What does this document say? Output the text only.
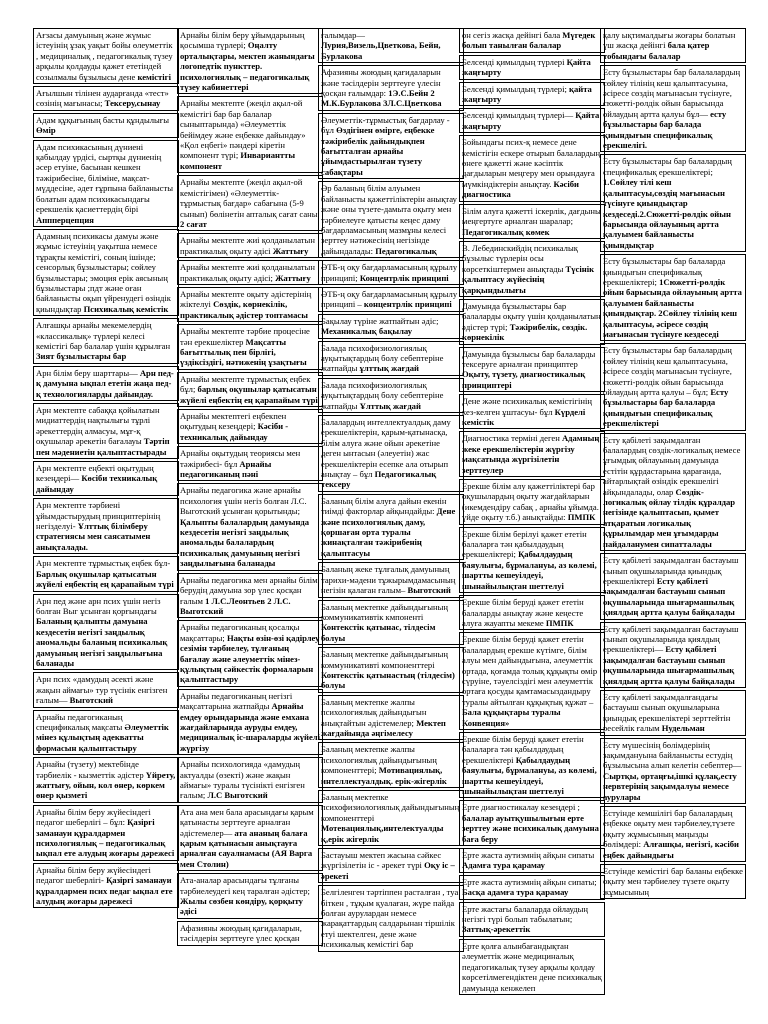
Ағзасы дамуының және жүмыс істеуінің ұзақ уақыт бойы өлеуметтік , медициналық , педагогикалық түзеу арқылы қолдауды қажет ететіндей созылмалы бұзылысы дене кемістігі
Ағылшын тілінен аударғанда «тест» сөзінің мағынасы; Тексеру,сынау
Адам құқығының басты құндылығы Өмір
Адам психикасының дүниені қабылдау үрдісі, сыртқы дүниенің әсер етуіне, басынан кешкен тәжірибесіне, біліміне, мақсат-мүддесіне, әдет ғұрпына байланысты болатын адам психикасындағы ерекшелік қасиеттердің бірі Аппперцепция
Адамның психикасы дамуы және жұмыс істеуінің уақытша немесе тұрақты кемістігі, соның ішінде; сенсорлық бұзылыстары; сөйлеу бұзылыстары; эмоция ерік аясының бұзылыстары ;пдт және оған байланысты оқып үйренудегі өзіндік қиындықтар Психикалық кемістік
Алғашқы арнайы мекемелердің «классикалық» түрлері келесі кемістігі бар балалар үшін құрылған Зият бұзылыстары бар
Арн білім беру шарттары— Арн пед-қ дамуына ықпал ететін жаңа пед-қ технологияларды дайындау.
Арн мектепте сабаққа қойылатын мидиаттердің нақтылығы тұрлі әрекеттердің алмасуы, мұғ-қ оқушылар әрекетін бағалауы Тәртіп пен мәдениетін қалыптастырады
Арн мектепте еңбекті оқытудың кезеңдері— Көсіби техникалық дайындау
Арн мектепте тәрбиені ұйымдастырудың принциптерінің негізделуі- Ұлттық білімберу стратегиясы мен саясатымен анықталады.
Арн мектепте тұрмыстық еңбек бұл- Барлық оқушылар қатысатын жүйелі еңбектің ең қарапайым түрі
Арн пед және арн псих үшін негіз болған Выг ұсынған қорғындағы Баланың қалыпты дамуына кездесетін негізгі заңдылық аномальды баланың психикалық дамуының негізгі заңдылығына баланады
Арн псих «дамудың әсекті және жақын аймағы» тур түсінік енгізген ғалым— Выготский
Арнайы педагогиканың спецификалық мақсаты Әлеуметтік мінез құлықтың адекватты формасын қалыптастыру
Арнайы (түзету) мектебінде тәрбиелік - кызметтік әдістер Үйрету, жаттығу, ойын, кол өнер, көркем өнер қызметі
Арнайы білім беру жүйесіндегі педагог шеберлігі – бұл: Қазіргі заманауи құралдармен психологиялық – педагогикалық ықпал ете алудың жоғары дәрежесі
Арнайы білім беру жүйесіндегі педагог шеберлігі- Қазіргі заманауи құралдармен псих педаг ықпал ете алудың жоғары дәрежесі
Арнайы білім беру ұйымдарының қосымша түрлері; Оңалту орталықтары, мектеп жанындағы логопедтік пункттер. психологиялық – педагогикалық түзеу кабинеттері
Арнайы мектепте (жеңіл ақыл-ой кемістігі бар бар балалар сыныптарында) «Әлеуметтік бейімдеу және еңбекке дайындау» «Қол еңбегі» пәндері кіретін компонент түрі; Инвариантты компонент
Арнайы мектепте (жеңіл ақыл-ой кемістігімен) «Әлеуметтік-тұрмыстық бағдар» сабағына (5-9 сынып) бөлінетін апталық сағат саны 2 сағат
Арнайы мектепте жиі қолданылатын практикалық оқыту әдісі Жаттығу
Арнайы мектепте жиі қолданылатын практикалық оқыту әдісі; Жаттығу
Арнайы мектепте оқыту әдістерінің жіктелуі Сөздік, көрнекілік, практикалық әдістер топтамасы
Арнайы мектепте тәрбие процесіне тән ерекшеліктер Мақсатты бағыттылық пен бірлігі, үздіксіздігі, нәтиженің ұзақтығы
Арнайы мектепте тұрмыстық еңбек бұл; барлық оқушылар қатысатын жүйелі еңбектің ең қарапайым түрі
Арнайы мектептегі еңбекпен оқытудың кезеңдері; Кәсіби - техникалық дайындау
Арнайы оқытудың теориясы мен тәжірибесі- бұл Арнайы педагогиканың пәні
Арнайы педагогика және арнайы психология үшін негіз болған Л.С. Выготский ұсынған қорытынды; Қалыпты балалардың дамуында кездесетін негізгі заңдылық аномальды балалардың психикалық дамуының негізгі заңдылығына баланады
Арнайы педагогика мен арнайы білім берудің дамуына зор үлес қосқан ғалым 1 Л.С.Леонтьев 2 Л.С. Выготский
Арнайы педагогиканың қосалқы мақсаттары; Нақты өзін-өзі қадірлеу сезімін тәрбиелеу, тұлғаның бағалау және әлеуметтік мінез-құлықтың сәйкестік формаларын қалыптастыру
Арнайы педагогиканың негізгі мақсаттарына жатпайды Арнайы емдеу орындарында және емхана жағдайларында ауруды емдеу, медициналық іс-шараларды жүйелі жүргізу
Арнайы психологияда «дамудың актуалды (өзекті) және жақын аймағы» туралы түсінікті енгізген ғалым; Л.С Выготский
Ата ана мен бала арасындағы қарым қатынасты зерттеуге арналған әдістемелер— ата ананың балаға қарым қатынасын анықтауға арналған сауалнамасы (АЯ Варга мен Столин)
Ата-аналар арасындағы тұлғаны тәрбиелеудегі кең таралған әдістер; Жылы сөзбен көндіру, қорқыту әдісі
Афазияны жоюдың қағидаларын, тәсілдерін зерттеуге үлес қосқан
ғалымдар— Лурия,Визель,Цветкова, Бейн, Бурлакова
Афазияны жоюдың қағидаларын және тәсілдерін зерттеуге үлесін қосқан ғалымдар: 1Э.С.Бейн 2 М.К.Бурлакова 3Л.С.Цветкова
Әлеуметтік-тұрмыстық бағдарлау - бұл Өздігінен өмірге, еңбекке тәжірибелік дайындықпен бағытталған арнайы ұйымдастырылған түзету сабақтары
Әр баланың білім алуымен байланысты қажеттіліктерін анықтау және оны түзете-дамыта оқыту мен тәрбиелеуге қатысты кеңес даму бағдарламасының мазмұны келесі зерттеу нәтижесінің негізінде дайындалады: Педагогикалық
ӘТБ-ң оқу бағдарламасының құрылу принципі; Концентрлік принципі
ӘТБ-ң оқу бағдарламасының құрылу принципі – концентрлік принципі
Бақылау түріне жатпайтын әдіс; Механикалық бақылау
Балада психофизиологиялық ауқытықтардың болу себептеріне жатпайды ұлттық жағдай
Балада психофизиологиялық ауқытықтардың болу себептеріне жатпайды Ұлттық жағдай
Балалардың интеллектуалдық даму ерекшеліктерін, қарым-қатынасқа, білім алуға және ойын әрекетіне деген ынтасын (әлеуетін) жас ерекшеліктерін есепке ала отырып анықтау – бұл Педагогикалық тексеру
Баланың білім алуға дайын екенін тиімді факторлар айқындайды: Дене және психологиялық даму, қоршаған орта туралы жинақталған тәжірибенің қалыптасуы
Баланың жеке тұлғалық дамуының тарихи-мәдени тұжырымдамасының негізін қалаған ғалым– Выготский
Баланың мектепке дайындығының коммуникативтік кмпоненті Контекстік қатынас, тілдесім болуы
Баланың мектепке дайындығының коммуникативті компоненттері Контекстік қатынастың (тілдесім) болуы
Баланың мектепке жалпы психологиялық дайындығын анықтайтын әдістемелер; Мектеп жағдайында әңгімелесу
Баланың мектепке жалпы психологиялық дайындығының компоненттері; Мотивациялық, интеллектуалдық. ерік-жігерлік
Баланың мектепке психофизиологиялық дайындығының компоненттері Мотевациялық,интелектуалды қ,ерік жігерлік
Бастауыш мектеп жасына сәйкес жүргізілетін іс - әрекет түрі Оқу іс – әрекеті
Белгіленген тәртіппен расталған , туа біткен , тұқым қуалаған, жүре пайда болған аурулардан немесе жарақаттардың салдарынан тіршілік етуі шектелген, дене және психикалық кемістігі бар
он сегіз жасқа дейінгі бала Мүгедек болып танылған балалар
Белсенді қимылдың түрлері Қайта жаңғырту
Белсенді қимылдың түрлері; қайта жаңғырту
Белсенді қимылдың түрлері— Қайта жаңғырту
Бойындағы псих-қ немесе дене кемістігін ескере отырып балалардың өнеге қажетті және кәсіптік дағдыларын меңгеру мен орындауға мүмкіндіктерін анықтау. Кәсіби диагностика
Білім алуға қажетті іскерлік, дағдыны меңгертуге арналған шаралар; Педагогикалық көмек
В. Лебединскийдің психикалық бұзылыс түрлерін осы көрсеткіштермен анықтады Түсінік қалыптасу жүйесінің қарқындылығы
Дамуында бұзылыстары бар балаларды оқыту үшін қолданылатын әдістер түрі; Тәжірибелік, сөздік. көрнекілік
Дамуында бұзылысы бар балаларды тексеруге арналған принциптер Оқыту, түзету, диагностикалық принциптері
Дене және психикалық кемістігінің кез-келген ұштасуы- бұл Күрделі кемістік
Диагностика терміні деген Адамның жеке ерекшеліктерін жүргізу мақсатында жүргізілетін зерттеулер
Ерекше білім алу қажеттіліктері бар оқушылардың оқыту жағдайларын (икемдендіру сабақ , арнайы ұйымда. үйде оқыту т.б.) анықтайды: ПМПК
Ерекше білім берілуі қажет ететін балаларға тән қабылдаудың ерекшеліктері; Қабылдаудың баяулығы, бұрмалануы, аз көлемі, шартты кешеуілдеуі, шынайылықтан шеттелуі
Ерекше білім берудi қажет ететін балаларды анықтау және кеңесте алуға жауапты мекеме ПМПК
Ерекше білім беруді қажет ететін балалардың ерекше күтімге, білім алуы мен дайындығына, әлеуметтік ортада, қоғамда толық құқықты өмір сүруіне, тәуелсіздігі мен әлеуметтік ортаға қосуды қамтамасыздандыру туралы айтылған құқықтық құжат – Бала құқықтары туралы Конвенция»
Ерекше білім беруді қажет ететін балаларға тән қабылдаудың ерекшеліктері Қабылдаудың баяулығы, бұрмалануы, аз көлемі, шартты кешеуілдеуі, шынайылықтан шеттелуі
Ерте диагностикалау кезеңдері ; балалар ауытқушылығын ерте зерттеу және психикалық дамуына баға беру
Ерте жаста аутизмнің айқын сипаты Адамға тура қарамау
Ерте жаста аутизмнің айқын сипаты; Басқа адамға тура қарамау
Ерте жастағы балаларда ойлаудың негізгі түрі болып табылатын; Заттық-әрекеттік
Ерте қолға алынбағандықтан әлеуметтік және медициналық педагогикалық түзеу арқылы қолдау көрсетілмегендіктен дене психикалық дамуында кенжелеп
қалу ықтималдығы жоғары болатын үш жасқа дейінгі бала қатер тобындағы балалар
Есту бұзылыстары бар балалалардың сөйлеу тілінің кеш қалыптасуына, әсіресе сөздің мағынасын түсінуге, сюжетті-рөлдік ойын барысында ойлаудың артта қалуы бұл— есту бұзылыстары бар балада қиындығын спецификалық ерекшелігі.
Есту бұзылыстары бар балалардың спецификалық ерекшеліктері; 1.Сөйлеу тілі кеш қалыптасуы,сөздің мағынасын түсінуге қиындықтар кездеседі.2.Сюжетті-рөлдік ойын барысында ойлауының артта қалуымен байланысты қиындықтар
Есту бұзылыстары бар балаларда қиындығын спецификалық ерекшеліктері; 1Сюжетті-рөлдік ойын барысында ойлауының артта қалуымен байланысты қиындықтар. 2Сөйлеу тілінің кеш қалыптасуы, әсіресе сөздің мағынасын түсінуге кездеседі
Есту бұзылыстары бар балалардың сөйлеу тілінің кеш қалыптасуына, әсіресе сөздің мағынасын түсінуге, сюжетті-рөлдік ойын барысында ойлаудың артта қалуы – бұл; Есту бұзылыстары бар балаларда қиындығын спецификалық ерекшеліктері
Есту қабілеті зақымдалған балалардың сөздік-логикалық немесе ұғымдық ойлауының дамуында естітін құрдастарына қарағанда, айтарлықтай өзіндік ерекшелігі айқындалады, олар Сөздік-логикалық ойлау тілдік құралдар негізінде қалыптасып, қымет атқаратын логикалық құрылымдар мен ұғымдарды пайдаланумен сипатталады
Есту қабілеті зақымдалған бастауыш сынып оқушыларында қиындық ерекшеліктері Есту қабілеті зақымдалған бастауыш сынып оқушыларында шығармашылық қиялдың артта қалуы байқалады
Есту қабілеті зақымдалған бастауыш сынып оқушыларында қиялдың ерекшеліктері— Есту қабілеті зақымдалған бастауыш сынып оқушыларында шығармашылық қиялдың артта қалуы байқалады
Есту қабілеті зақымдалғандағы бастауыш сынып оқушыларына қиындық ерекшеліктері зерттейтін ресейлік ғалым Нудельман
Есту мүшесінің бөлімдерінің зақымдануына байланысты естудің бұзылысына алып келетін себептер— Сыртқы, ортаңғы,ішкі құлақ,есту нервтерінің зақымдалуы немесе аурулары
Естуінде кемшілігі бар балалардың еңбекке оқыту мен тәрбиелеу,түзете оқыту жұмысының маңызды бөлімдері: Алғашқы, негізгі, кәсіби еңбек дайындығы
Естуінде кемістігі бар баланы еңбекке оқыту мен тәрбиелеу түзете оқыту жұмысының
